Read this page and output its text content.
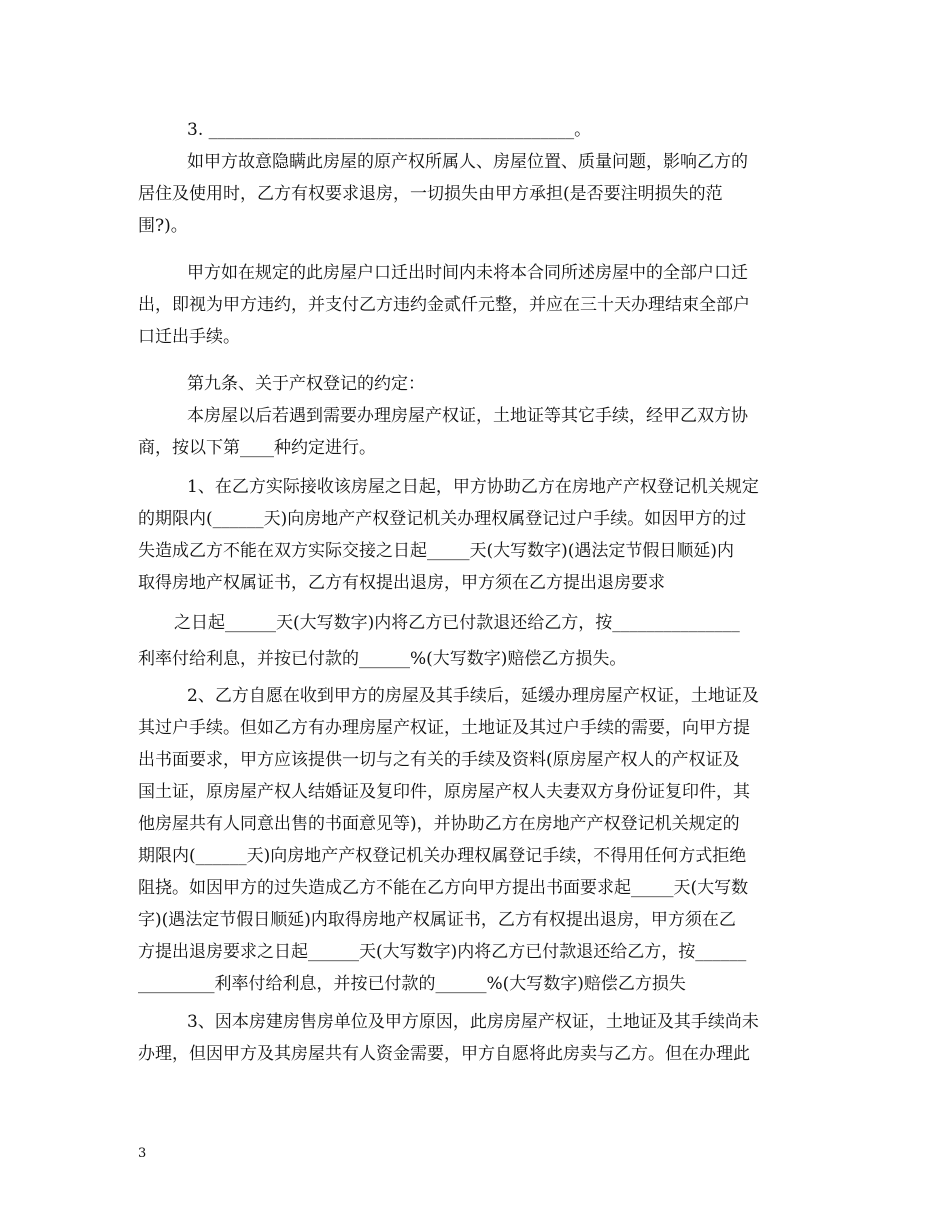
3. ___________________________________________。
如甲方故意隐瞒此房屋的原产权所属人、房屋位置、质量问题，影响乙方的
居住及使用时，乙方有权要求退房，一切损失由甲方承担(是否要注明损失的范
围?)。
甲方如在规定的此房屋户口迁出时间内未将本合同所述房屋中的全部户口迁
出，即视为甲方违约，并支付乙方违约金贰仟元整，并应在三十天办理结束全部户
口迁出手续。
第九条、关于产权登记的约定：
本房屋以后若遇到需要办理房屋产权证，土地证等其它手续，经甲乙双方协
商，按以下第____种约定进行。
1、在乙方实际接收该房屋之日起，甲方协助乙方在房地产产权登记机关规定
的期限内(______天)向房地产产权登记机关办理权属登记过户手续。如因甲方的过
失造成乙方不能在双方实际交接之日起_____天(大写数字)(遇法定节假日顺延)内
取得房地产权属证书，乙方有权提出退房，甲方须在乙方提出退房要求
之日起______天(大写数字)内将乙方已付款退还给乙方，按_______________
利率付给利息，并按已付款的______%(大写数字)赔偿乙方损失。
2、乙方自愿在收到甲方的房屋及其手续后，延缓办理房屋产权证，土地证及
其过户手续。但如乙方有办理房屋产权证，土地证及其过户手续的需要，向甲方提
出书面要求，甲方应该提供一切与之有关的手续及资料(原房屋产权人的产权证及
国土证，原房屋产权人结婚证及复印件，原房屋产权人夫妻双方身份证复印件，其
他房屋共有人同意出售的书面意见等)，并协助乙方在房地产产权登记机关规定的
期限内(______天)向房地产产权登记机关办理权属登记手续，不得用任何方式拒绝
阻挠。如因甲方的过失造成乙方不能在乙方向甲方提出书面要求起_____天(大写数
字)(遇法定节假日顺延)内取得房地产权属证书，乙方有权提出退房，甲方须在乙
方提出退房要求之日起______天(大写数字)内将乙方已付款退还给乙方，按______
_________利率付给利息，并按已付款的______%(大写数字)赔偿乙方损失
3、因本房建房售房单位及甲方原因，此房房屋产权证，土地证及其手续尚未
办理，但因甲方及其房屋共有人资金需要，甲方自愿将此房卖与乙方。但在办理此
3
